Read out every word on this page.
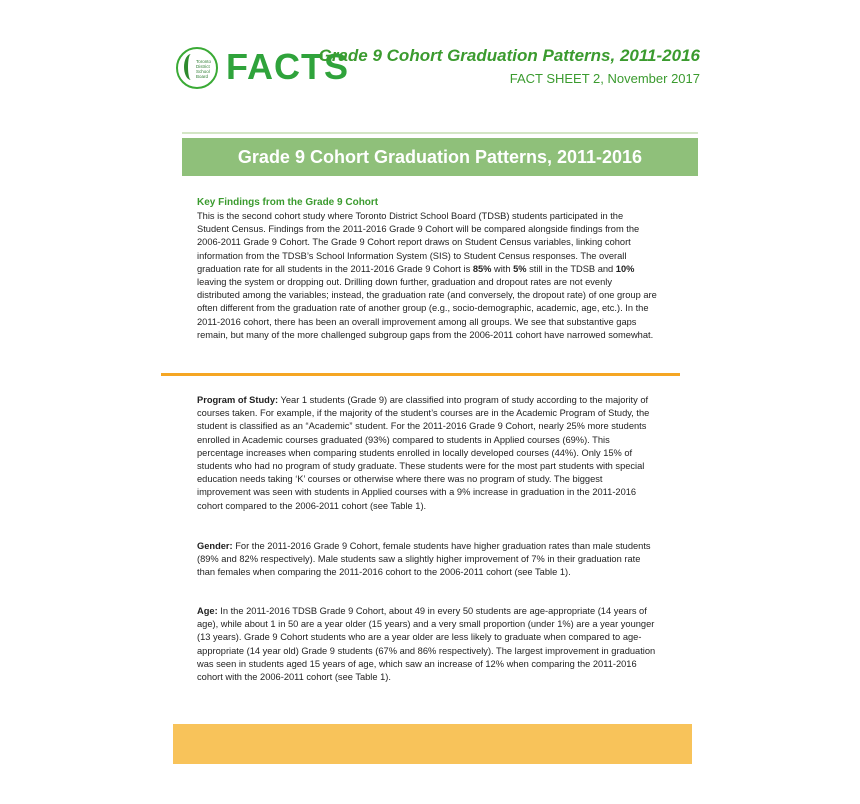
Toronto District School Board FACTS
Grade 9 Cohort Graduation Patterns, 2011-2016
FACT SHEET 2, November 2017
Grade 9 Cohort Graduation Patterns, 2011-2016
Key Findings from the Grade 9 Cohort
This is the second cohort study where Toronto District School Board (TDSB) students participated in the Student Census. Findings from the 2011-2016 Grade 9 Cohort will be compared alongside findings from the 2006-2011 Grade 9 Cohort. The Grade 9 Cohort report draws on Student Census variables, linking cohort information from the TDSB’s School Information System (SIS) to Student Census responses. The overall graduation rate for all students in the 2011-2016 Grade 9 Cohort is 85% with 5% still in the TDSB and 10% leaving the system or dropping out. Drilling down further, graduation and dropout rates are not evenly distributed among the variables; instead, the graduation rate (and conversely, the dropout rate) of one group are often different from the graduation rate of another group (e.g., socio-demographic, academic, age, etc.). In the 2011-2016 cohort, there has been an overall improvement among all groups. We see that substantive gaps remain, but many of the more challenged subgroup gaps from the 2006-2011 cohort have narrowed somewhat.
Program of Study: Year 1 students (Grade 9) are classified into program of study according to the majority of courses taken. For example, if the majority of the student’s courses are in the Academic Program of Study, the student is classified as an “Academic” student. For the 2011-2016 Grade 9 Cohort, nearly 25% more students enrolled in Academic courses graduated (93%) compared to students in Applied courses (69%). This percentage increases when comparing students enrolled in locally developed courses (44%). Only 15% of students who had no program of study graduate. These students were for the most part students with special education needs taking ‘K’ courses or otherwise where there was no program of study. The biggest improvement was seen with students in Applied courses with a 9% increase in graduation in the 2011-2016 cohort compared to the 2006-2011 cohort (see Table 1).
Gender: For the 2011-2016 Grade 9 Cohort, female students have higher graduation rates than male students (89% and 82% respectively). Male students saw a slightly higher improvement of 7% in their graduation rate than females when comparing the 2011-2016 cohort to the 2006-2011 cohort (see Table 1).
Age: In the 2011-2016 TDSB Grade 9 Cohort, about 49 in every 50 students are age-appropriate (14 years of age), while about 1 in 50 are a year older (15 years) and a very small proportion (under 1%) are a year younger (13 years). Grade 9 Cohort students who are a year older are less likely to graduate when compared to age-appropriate (14 year old) Grade 9 students (67% and 86% respectively). The largest improvement in graduation was seen in students aged 15 years of age, which saw an increase of 12% when comparing the 2011-2016 cohort with the 2006-2011 cohort (see Table 1).
